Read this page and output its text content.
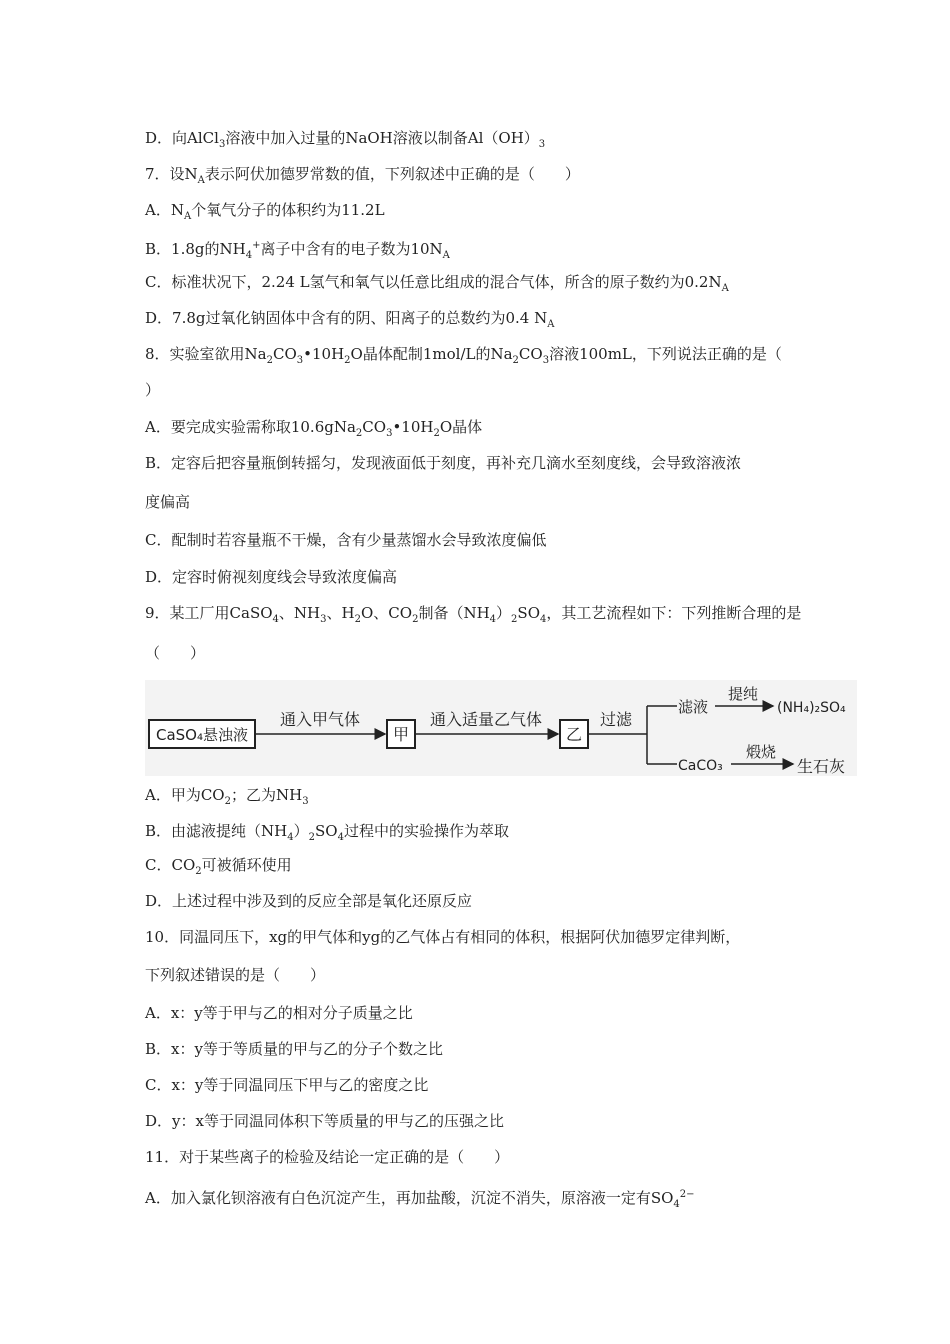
D．向AlCl$_3$溶液中加入过量的NaOH溶液以制备$Al(OH)_3$
7．设$N_A$表示阿伏加德罗常数的值，下列叙述中正确的是（　　）
A．$N_A$个氧气分子的体积约为11.2L
B．1.8g的$NH_4^+$离子中含有的电子数为$10N_A$
C．标准状况下，2.24 L氢气和氧气以任意比组成的混合气体，所含的原子数约为$0.2N_A$
D．7.8g过氧化钠固体中含有的阴、阳离子的总数约为0.4 $N_A$
8．实验室欲用$Na_2CO_3•10H_2O$晶体配制1mol/L的$Na_2CO_3$溶液100mL，下列说法正确的是（
）
A．要完成实验需称取$10.6gNa_2CO_3•10H_2O$晶体
B．定容后把容量瓶倒转摇匀，发现液面低于刻度，再补充几滴水至刻度线，会导致溶液浓
度偏高
C．配制时若容量瓶不干燥，含有少量蒸馏水会导致浓度偏低
D．定容时俯视刻度线会导致浓度偏高
9．某工厂用CaSO$_4$、$NH_3$、$H_2O$、$CO_2$制备$(NH_4)_2SO_4$，其工艺流程如下：下列推断合理的是
（　　）
A．甲为$CO_2$；乙为$NH_3$
B．由滤液提纯$(NH_4)_2SO_4$过程中的实验操作为萃取
C．$CO_2$可被循环使用
D．上述过程中涉及到的反应全部是氧化还原反应
10．同温同压下，xg的甲气体和yg的乙气体占有相同的体积，根据阿伏加德罗定律判断，
下列叙述错误的是（　　）
A．x：y等于甲与乙的相对分子质量之比
B．x：y等于等质量的甲与乙的分子个数之比
C．x：y等于同温同压下甲与乙的密度之比
D．y：x等于同温同体积下等质量的甲与乙的压强之比
11．对于某些离子的检验及结论一定正确的是（　　）
A．加入氯化钡溶液有白色沉淀产生，再加盐酸，沉淀不消失，原溶液一定有$SO_4^{2-}$
CaSO₄悬浊液
通入甲气体
甲
通入适量乙气体
乙
过滤
滤液
提纯
(NH₄)₂SO₄
CaCO₃
煅烧
生石灰
